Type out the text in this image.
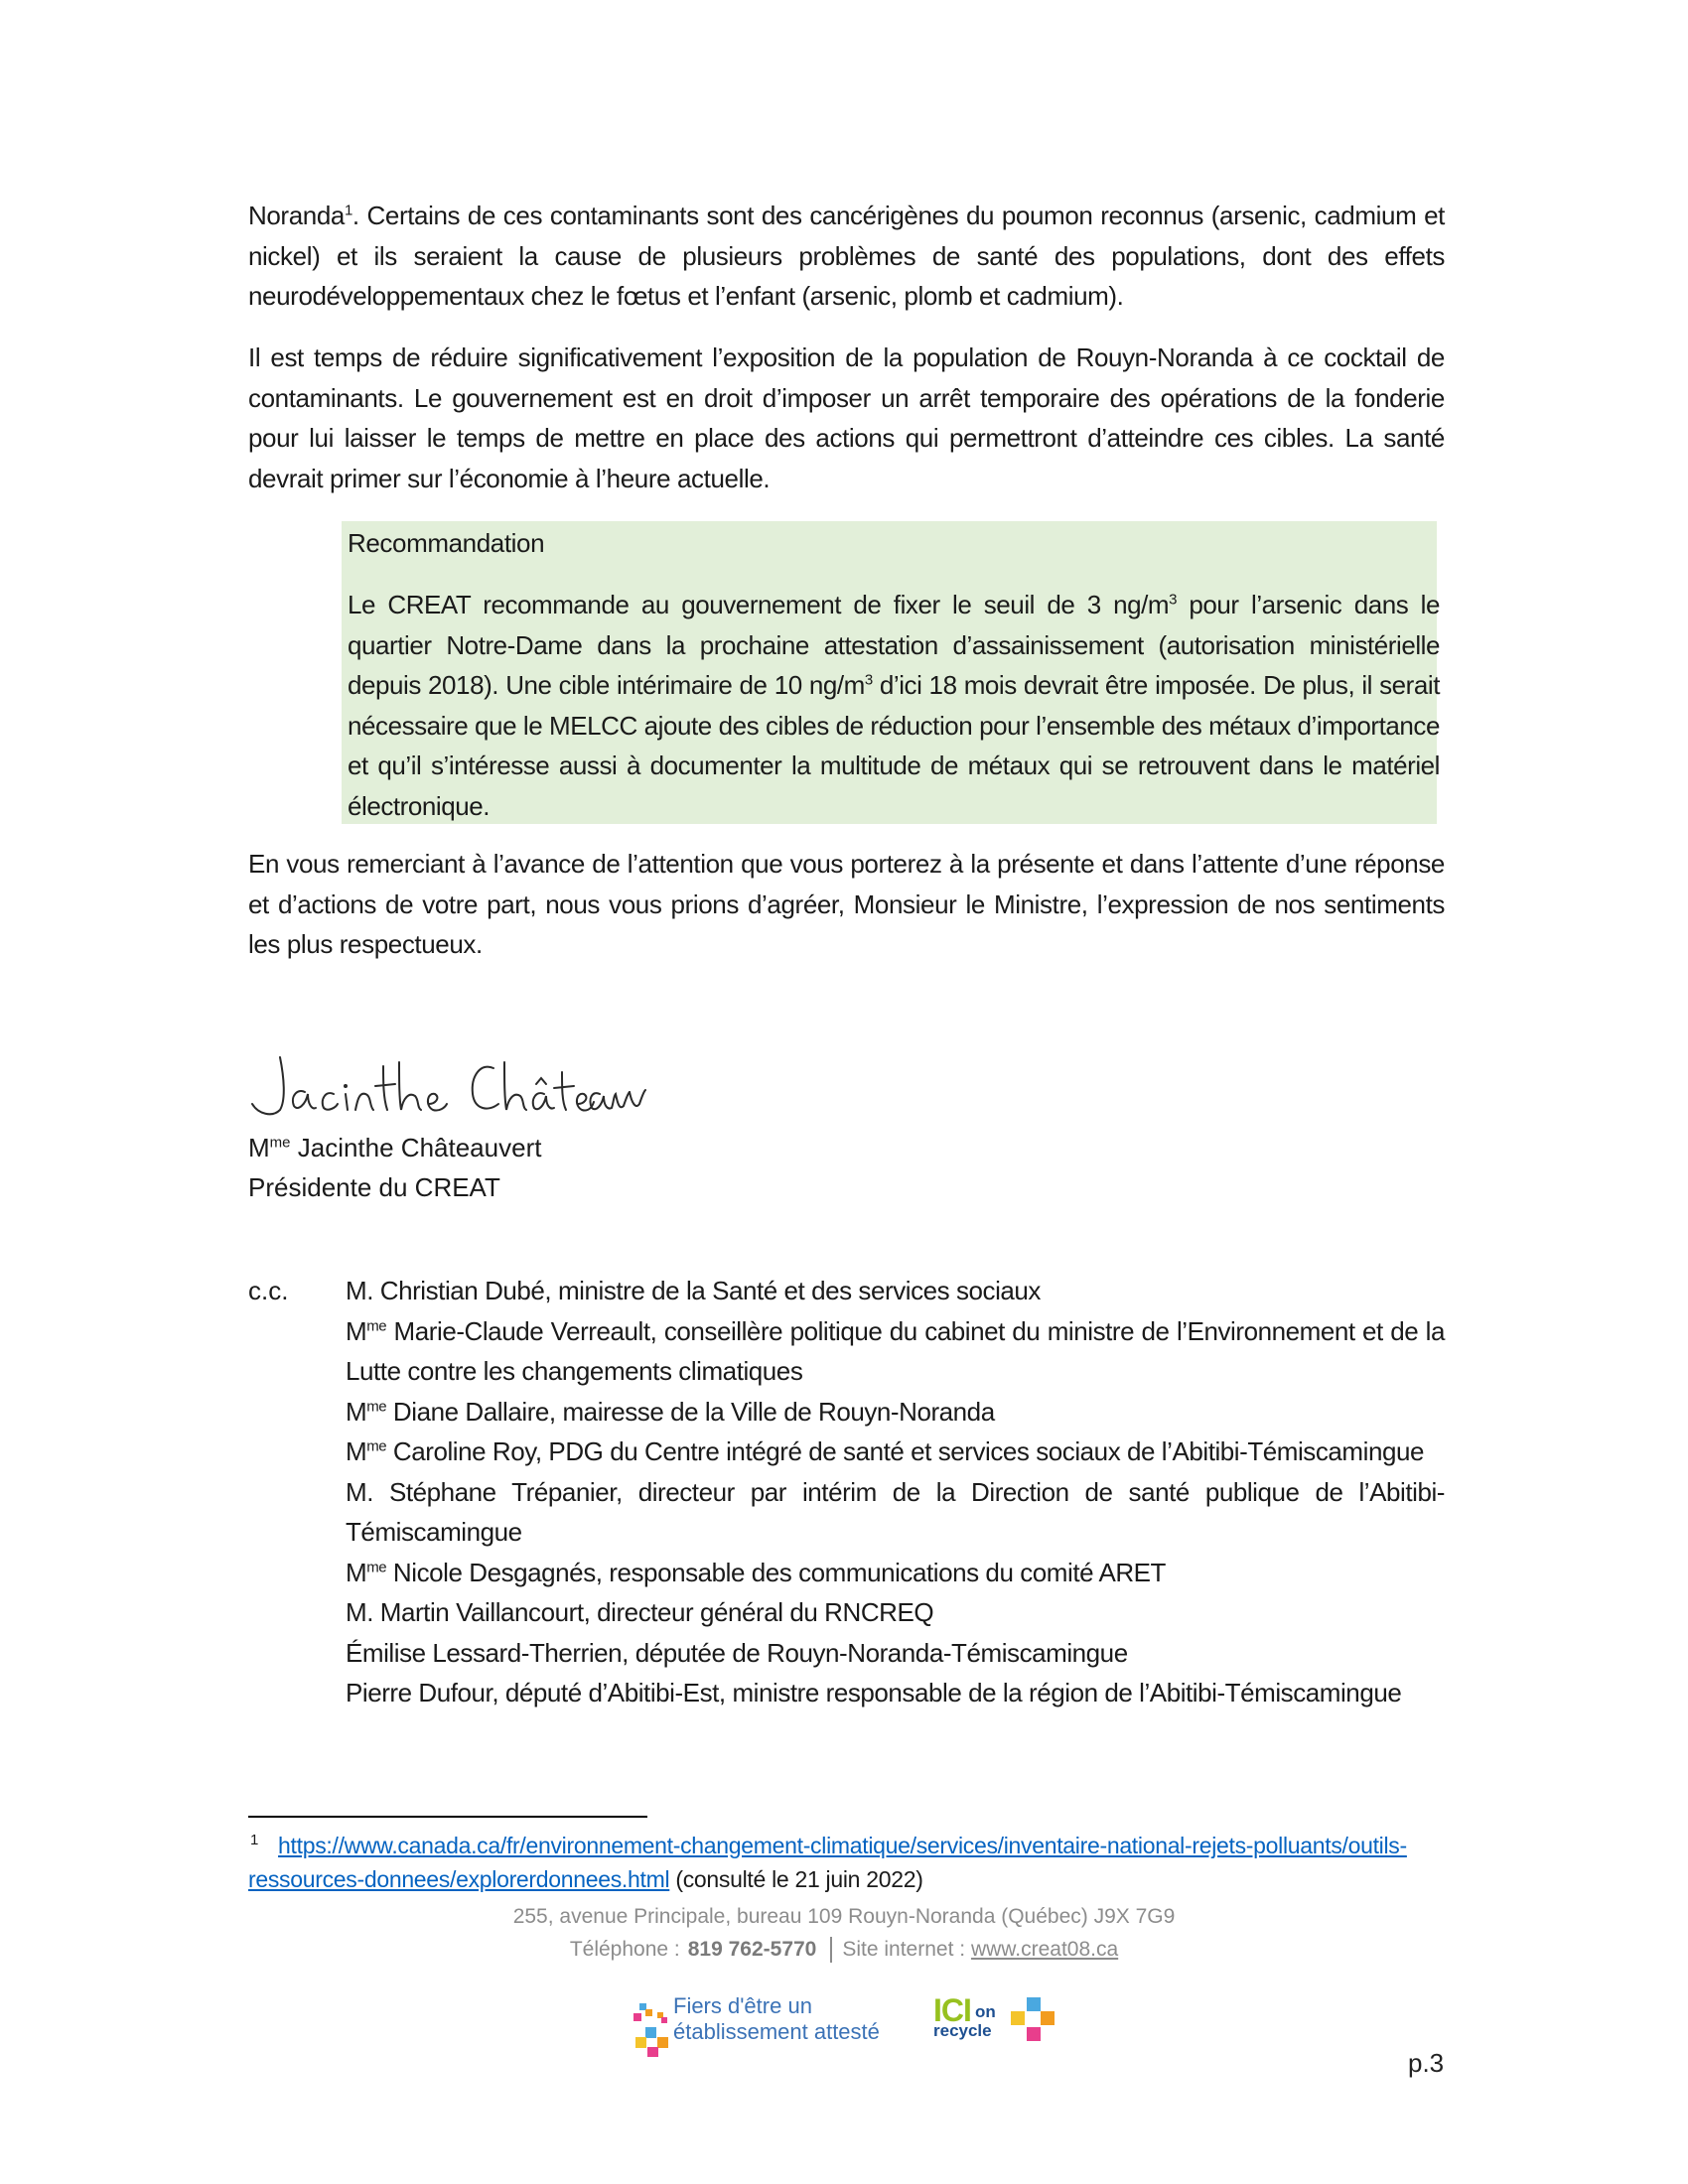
Noranda$^1$. Certains de ces contaminants sont des cancérigènes du poumon reconnus (arsenic, cadmium et nickel) et ils seraient la cause de plusieurs problèmes de santé des populations, dont des effets neurodéveloppementaux chez le fœtus et l’enfant (arsenic, plomb et cadmium).

Il est temps de réduire significativement l’exposition de la population de Rouyn-Noranda à ce cocktail de contaminants. Le gouvernement est en droit d’imposer un arrêt temporaire des opérations de la fonderie pour lui laisser le temps de mettre en place des actions qui permettront d’atteindre ces cibles. La santé devrait primer sur l’économie à l’heure actuelle.

Recommandation
Le CREAT recommande au gouvernement de fixer le seuil de 3 $ng/m^3$ pour l’arsenic dans le quartier Notre-Dame dans la prochaine attestation d’assainissement (autorisation ministérielle depuis 2018). Une cible intérimaire de 10 $ng/m^3$ d’ici 18 mois devrait être imposée. De plus, il serait nécessaire que le MELCC ajoute des cibles de réduction pour l’ensemble des métaux d’importance et qu’il s’intéresse aussi à documenter la multitude de métaux qui se retrouvent dans le matériel électronique.

En vous remerciant à l’avance de l’attention que vous porterez à la présente et dans l’attente d’une réponse et d’actions de votre part, nous vous prions d’agréer, Monsieur le Ministre, l’expression de nos sentiments les plus respectueux.

$M^{me}$ Jacinthe Châteauvert
Présidente du CREAT
c.c. M. Christian Dubé, ministre de la Santé et des services sociaux
$M^{me}$ Marie-Claude Verreault, conseillère politique du cabinet du ministre de l’Environnement et de la Lutte contre les changements climatiques
$M^{me}$ Diane Dallaire, mairesse de la Ville de Rouyn-Noranda
$M^{me}$ Caroline Roy, PDG du Centre intégré de santé et services sociaux de l’Abitibi-Témiscamingue
M. Stéphane Trépanier, directeur par intérim de la Direction de santé publique de l’Abitibi-Témiscamingue
$M^{me}$ Nicole Desgagnés, responsable des communications du comité ARET
M. Martin Vaillancourt, directeur général du RNCREQ
Émilise Lessard-Therrien, députée de Rouyn-Noranda-Témiscamingue
Pierre Dufour, député d’Abitibi-Est, ministre responsable de la région de l’Abitibi-Témiscamingue
$^1$ https://www.canada.ca/fr/environnement-changement-climatique/services/inventaire-national-rejets-polluants/outils-ressources-donnees/explorerdonnees.html (consulté le 21 juin 2022)
255, avenue Principale, bureau 109 Rouyn-Noranda (Québec) J9X 7G9
Téléphone : 819 762-5770 Site internet : www.creat08.ca
Fiers d'être un
établissement attesté
ICI on
recycle
p.3
